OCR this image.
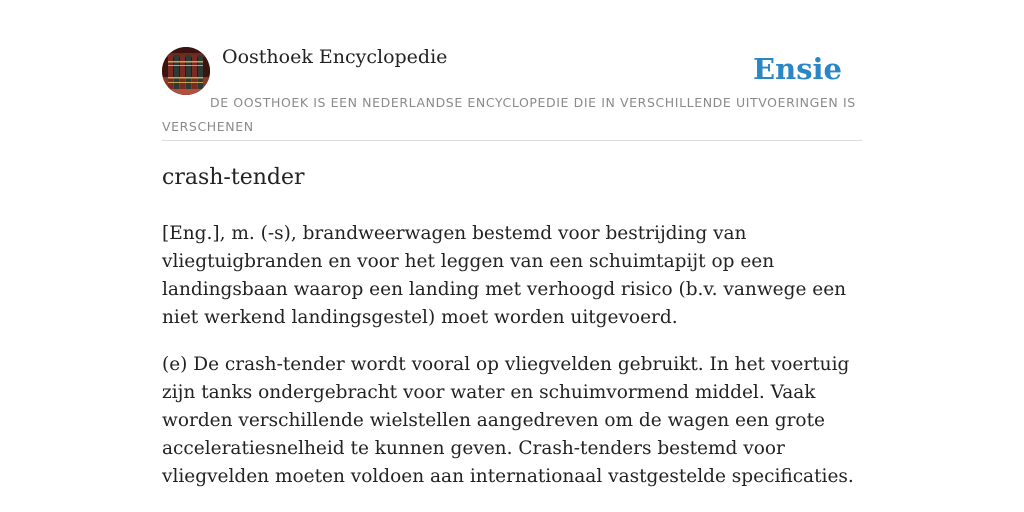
Oosthoek Encyclopedie	Ensie
DE OOSTHOEK IS EEN NEDERLANDSE ENCYCLOPEDIE DIE IN VERSCHILLENDE UITVOERINGEN IS VERSCHENEN
crash-tender

[Eng.], m. (-s), brandweerwagen bestemd voor bestrijding van vliegtuigbranden en voor het leggen van een schuimtapijt op een landingsbaan waarop een landing met verhoogd risico (b.v. vanwege een niet werkend landingsgestel) moet worden uitgevoerd.

(e) De crash-tender wordt vooral op vliegvelden gebruikt. In het voertuig zijn tanks ondergebracht voor water en schuimvormend middel. Vaak worden verschillende wielstellen aangedreven om de wagen een grote acceleratiesnelheid te kunnen geven. Crash-tenders bestemd voor vliegvelden moeten voldoen aan internationaal vastgestelde specificaties.
